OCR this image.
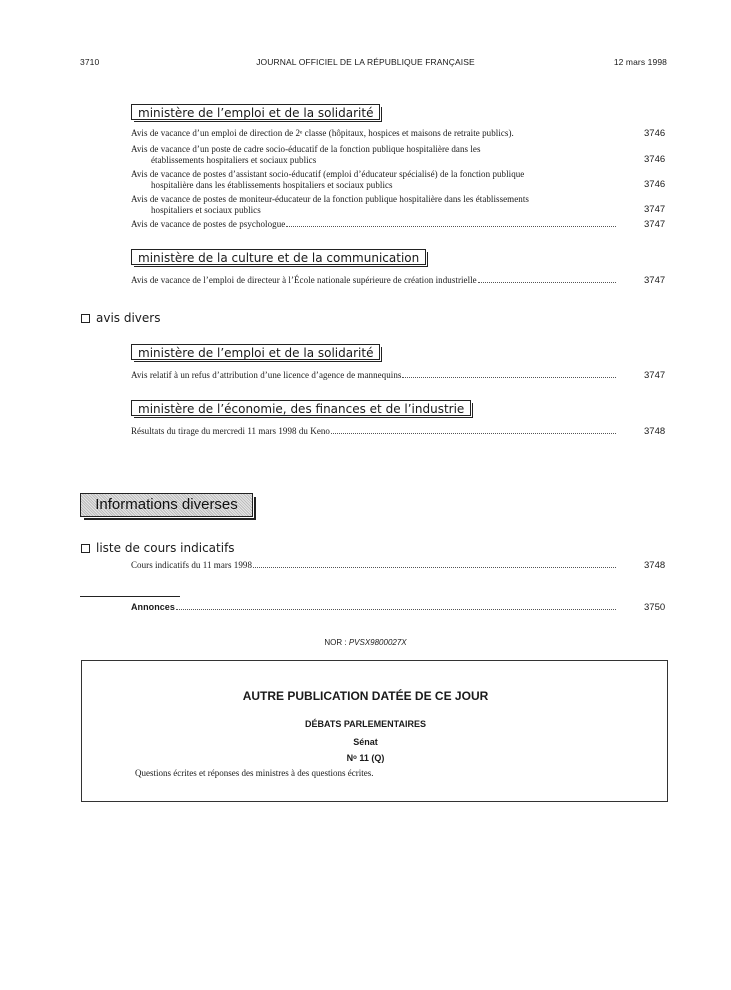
3710	JOURNAL OFFICIEL DE LA RÉPUBLIQUE FRANÇAISE	12 mars 1998
ministère de l’emploi et de la solidarité
Avis de vacance d’un emploi de direction de 2ᵉ classe (hôpitaux, hospices et maisons de retraite publics).	3746
Avis de vacance d’un poste de cadre socio-éducatif de la fonction publique hospitalière dans les
établissements hospitaliers et sociaux publics	3746
Avis de vacance de postes d’assistant socio-éducatif (emploi d’éducateur spécialisé) de la fonction publique
hospitalière dans les établissements hospitaliers et sociaux publics	3746
Avis de vacance de postes de moniteur-éducateur de la fonction publique hospitalière dans les établissements
hospitaliers et sociaux publics	3747
Avis de vacance de postes de psychologue	3747
ministère de la culture et de la communication
Avis de vacance de l’emploi de directeur à l’École nationale supérieure de création industrielle	3747
avis divers
ministère de l’emploi et de la solidarité
Avis relatif à un refus d’attribution d’une licence d’agence de mannequins	3747
ministère de l’économie, des finances et de l’industrie
Résultats du tirage du mercredi 11 mars 1998 du Keno	3748
Informations diverses
liste de cours indicatifs
Cours indicatifs du 11 mars 1998	3748
Annonces	3750
NOR : PVSX9800027X
AUTRE PUBLICATION DATÉE DE CE JOUR
DÉBATS PARLEMENTAIRES
Sénat
Nᵒ 11 (Q)
Questions écrites et réponses des ministres à des questions écrites.
